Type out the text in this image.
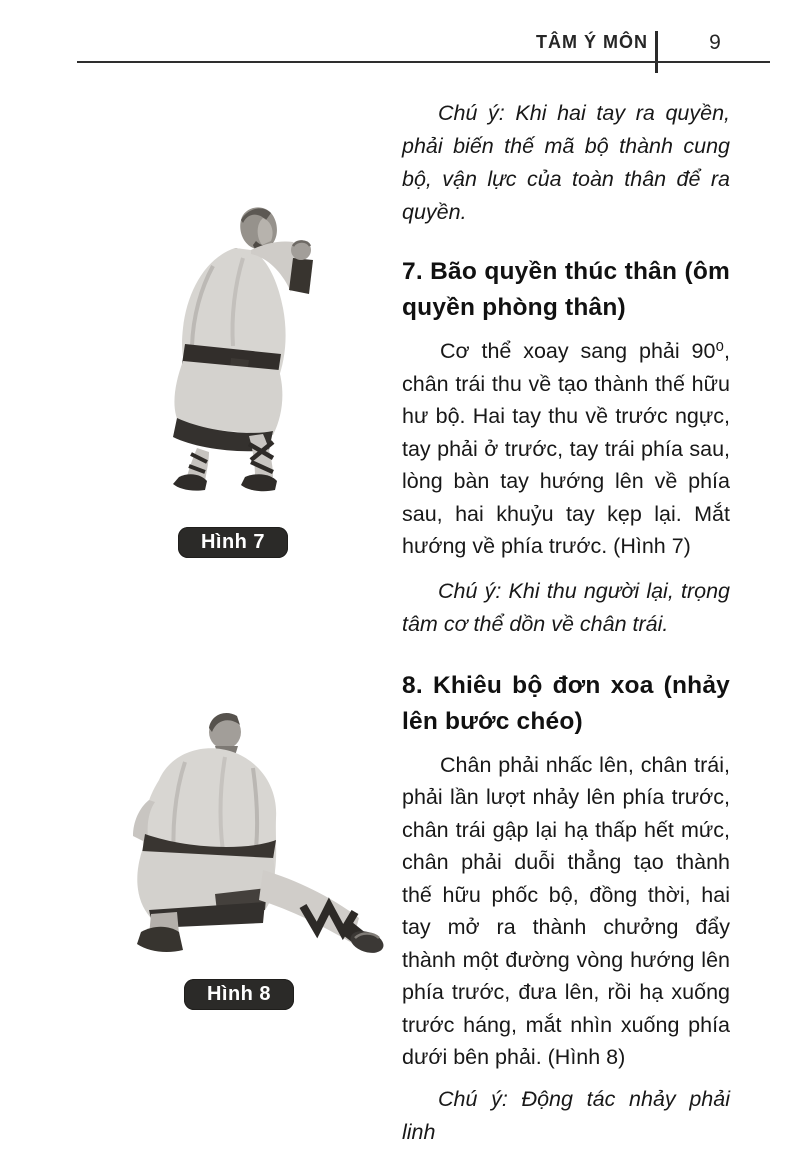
TÂM Ý MÔN	9
Hình 7
Hình 8

Chú ý: Khi hai tay ra quyền, phải biến thế mã bộ thành cung bộ, vận lực của toàn thân để ra quyền.

7. Bão quyền thúc thân (ôm quyền phòng thân)

Cơ thể xoay sang phải 90⁰, chân trái thu về tạo thành thế hữu hư bộ. Hai tay thu về trước ngực, tay phải ở trước, tay trái phía sau, lòng bàn tay hướng lên về phía sau, hai khuỷu tay kẹp lại. Mắt hướng về phía trước. (Hình 7)

Chú ý: Khi thu người lại, trọng tâm cơ thể dồn về chân trái.

8. Khiêu bộ đơn xoa (nhảy lên bước chéo)

Chân phải nhấc lên, chân trái, phải lần lượt nhảy lên phía trước, chân trái gập lại hạ thấp hết mức, chân phải duỗi thẳng tạo thành thế hữu phốc bộ, đồng thời, hai tay mở ra thành chưởng đẩy thành một đường vòng hướng lên phía trước, đưa lên, rồi hạ xuống trước háng, mắt nhìn xuống phía dưới bên phải. (Hình 8)

Chú ý: Động tác nhảy phải linh
